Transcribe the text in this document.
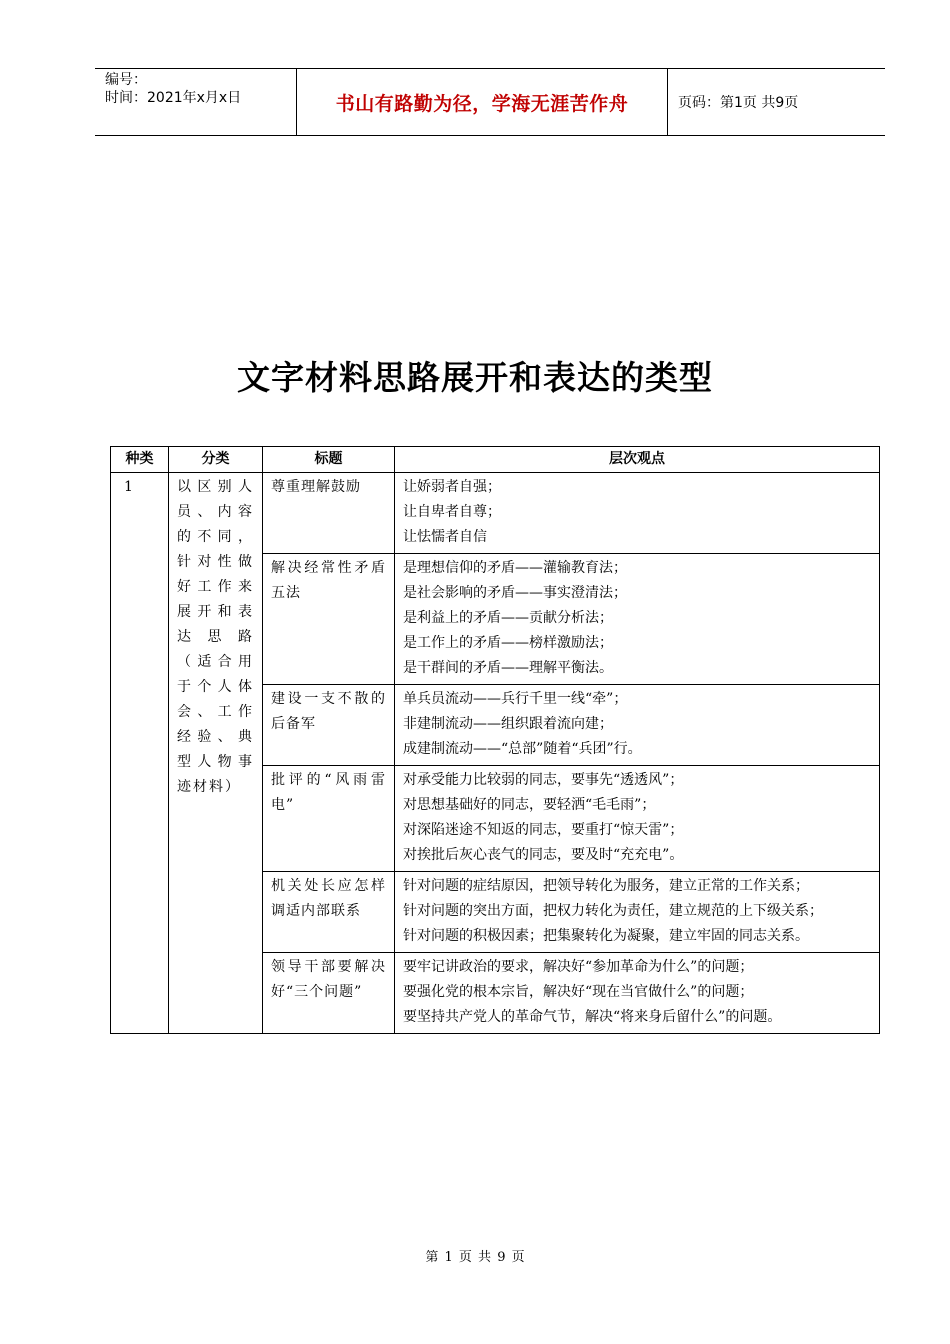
编号：
时间：2021年x月x日	书山有路勤为径，学海无涯苦作舟	页码：第1页 共9页
文字材料思路展开和表达的类型
种类	分类	标题	层次观点
1	以区别人员、内容的不同，针对性做好工作来展开和表达思路（适合用于个人体会、工作经验、典型人物事迹材料）	尊重理解鼓励	让娇弱者自强；
让自卑者自尊；
让怯懦者自信

		解决经常性矛盾五法	是理想信仰的矛盾——灌输教育法；
是社会影响的矛盾——事实澄清法；
是利益上的矛盾——贡献分析法；
是工作上的矛盾——榜样激励法；
是干群间的矛盾——理解平衡法。

		建设一支不散的后备军	单兵员流动——兵行千里一线“牵”；
非建制流动——组织跟着流向建；
成建制流动——“总部”随着“兵团”行。

		批评的“风雨雷电”	对承受能力比较弱的同志，要事先“透透风”；
对思想基础好的同志，要轻洒“毛毛雨”；
对深陷迷途不知返的同志，要重打“惊天雷”；
对挨批后灰心丧气的同志，要及时“充充电”。

		机关处长应怎样调适内部联系	针对问题的症结原因，把领导转化为服务，建立正常的工作关系；
针对问题的突出方面，把权力转化为责任，建立规范的上下级关系；
针对问题的积极因素；把集聚转化为凝聚，建立牢固的同志关系。

		领导干部要解决好“三个问题”	要牢记讲政治的要求，解决好“参加革命为什么”的问题；
要强化党的根本宗旨，解决好“现在当官做什么”的问题；
要坚持共产党人的革命气节，解决“将来身后留什么”的问题。
第 1 页 共 9 页
